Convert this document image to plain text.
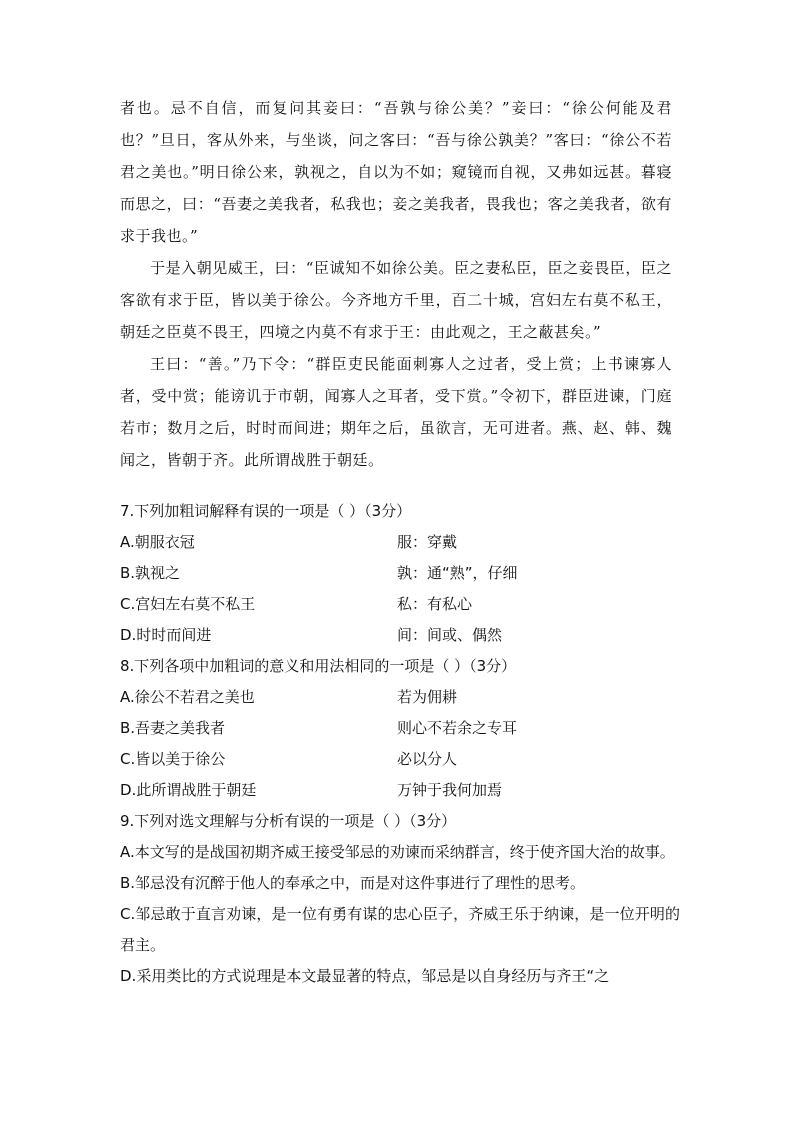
者也。忌不自信，而复问其妾曰：“吾孰与徐公美？”妾曰：“徐公何能及君也？”旦日，客从外来，与坐谈，问之客曰：“吾与徐公孰美？”客曰：“徐公不若君之美也。”明日徐公来，孰视之，自以为不如；窥镜而自视，又弗如远甚。暮寝而思之，曰：“吾妻之美我者，私我也；妾之美我者，畏我也；客之美我者，欲有求于我也。”

于是入朝见威王，曰：“臣诚知不如徐公美。臣之妻私臣，臣之妾畏臣，臣之客欲有求于臣，皆以美于徐公。今齐地方千里，百二十城，宫妇左右莫不私王，朝廷之臣莫不畏王，四境之内莫不有求于王：由此观之，王之蔽甚矣。”

王曰：“善。”乃下令：“群臣吏民能面刺寡人之过者，受上赏；上书谏寡人者，受中赏；能谤讥于市朝，闻寡人之耳者，受下赏。”令初下，群臣进谏，门庭若市；数月之后，时时而间进；期年之后，虽欲言，无可进者。燕、赵、韩、魏闻之，皆朝于齐。此所谓战胜于朝廷。

7.下列加粗词解释有误的一项是（ ）（3分）

A.朝服衣冠	服：穿戴
B.孰视之	孰：通“熟”，仔细
C.宫妇左右莫不私王	私：有私心
D.时时而间进	间：间或、偶然

8.下列各项中加粗词的意义和用法相同的一项是（ ）（3分）

A.徐公不若君之美也	若为佣耕
B.吾妻之美我者	则心不若余之专耳
C.皆以美于徐公	必以分人
D.此所谓战胜于朝廷	万钟于我何加焉

9.下列对选文理解与分析有误的一项是（ ）（3分）

A.本文写的是战国初期齐威王接受邹忌的劝谏而采纳群言，终于使齐国大治的故事。

B.邹忌没有沉醉于他人的奉承之中，而是对这件事进行了理性的思考。

C.邹忌敢于直言劝谏，是一位有勇有谋的忠心臣子，齐威王乐于纳谏，是一位开明的君主。

D.采用类比的方式说理是本文最显著的特点，邹忌是以自身经历与齐王“之
